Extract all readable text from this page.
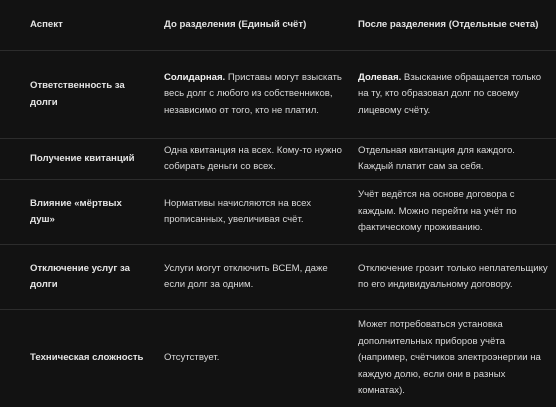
Аспект	До разделения (Единый счёт)	После разделения (Отдельные счета)
Ответственность за долги	Солидарная. Приставы могут взыскать весь долг с любого из собственников, независимо от того, кто не платил.	Долевая. Взыскание обращается только на ту, кто образовал долг по своему лицевому счёту.
Получение квитанций	Одна квитанция на всех. Кому-то нужно собирать деньги со всех.	Отдельная квитанция для каждого. Каждый платит сам за себя.
Влияние «мёртвых душ»	Нормативы начисляются на всех прописанных, увеличивая счёт.	Учёт ведётся на основе договора с каждым. Можно перейти на учёт по фактическому проживанию.
Отключение услуг за долги	Услуги могут отключить ВСЕМ, даже если долг за одним.	Отключение грозит только неплательщику по его индивидуальному договору.
Техническая сложность	Отсутствует.	Может потребоваться установка дополнительных приборов учёта (например, счётчиков электроэнергии на каждую долю, если они в разных комнатах).
